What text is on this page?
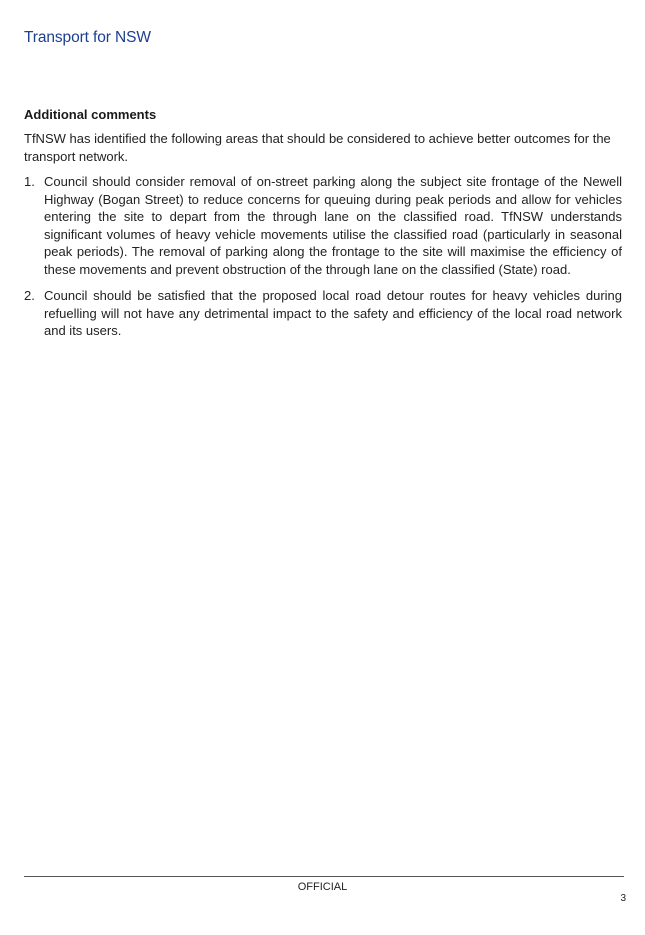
Transport for NSW
Additional comments

TfNSW has identified the following areas that should be considered to achieve better outcomes for the transport network.

1. Council should consider removal of on-street parking along the subject site frontage of the Newell Highway (Bogan Street) to reduce concerns for queuing during peak periods and allow for vehicles entering the site to depart from the through lane on the classified road. TfNSW understands significant volumes of heavy vehicle movements utilise the classified road (particularly in seasonal peak periods). The removal of parking along the frontage to the site will maximise the efficiency of these movements and prevent obstruction of the through lane on the classified (State) road.
2. Council should be satisfied that the proposed local road detour routes for heavy vehicles during refuelling will not have any detrimental impact to the safety and efficiency of the local road network and its users.
OFFICIAL
3
